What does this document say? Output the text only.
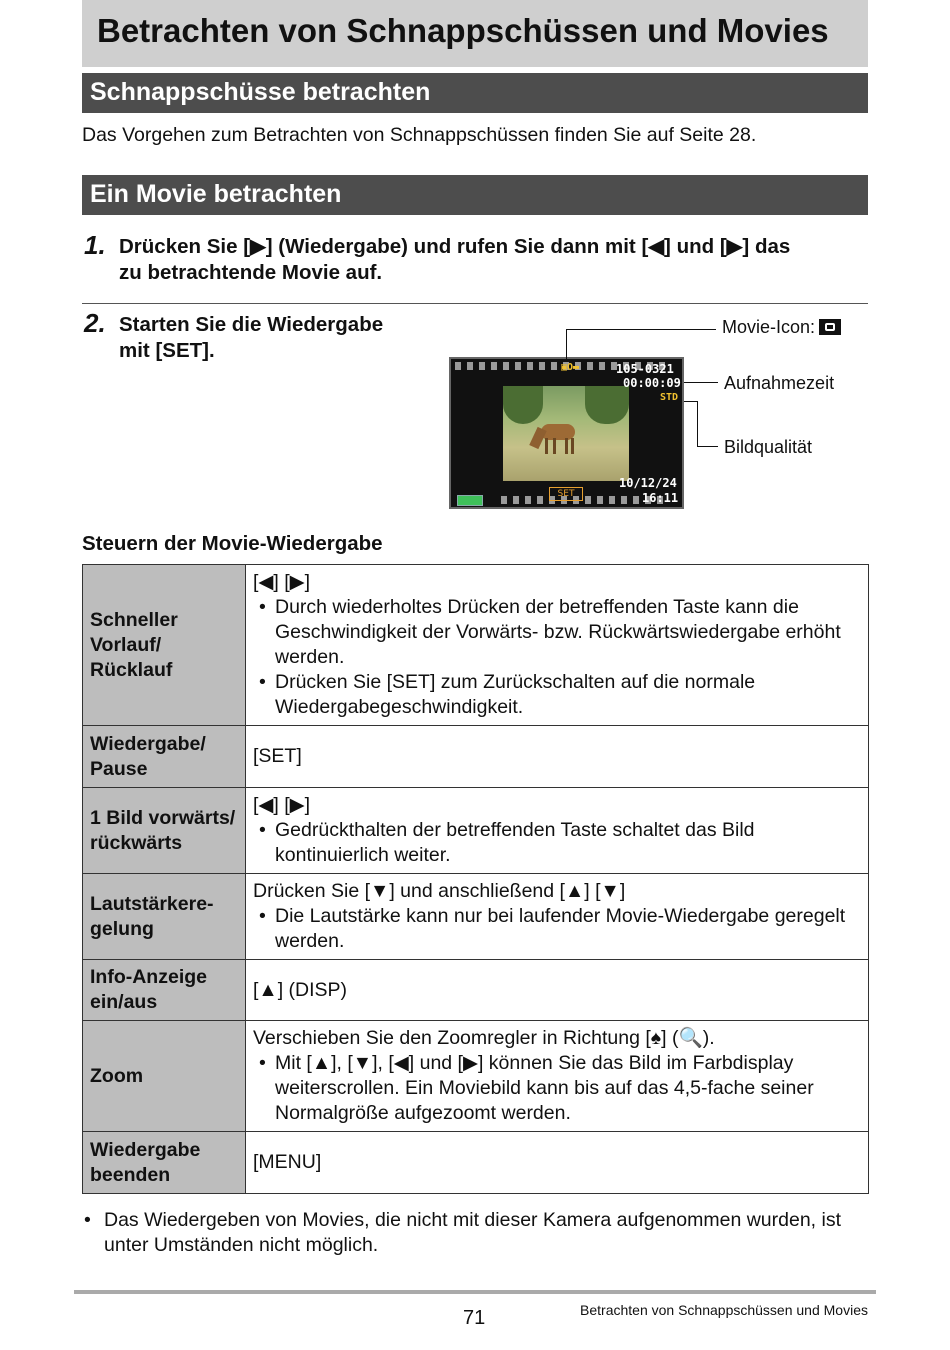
Betrachten von Schnappschüssen und Movies
Schnappschüsse betrachten
Das Vorgehen zum Betrachten von Schnappschüssen finden Sie auf Seite 28.
Ein Movie betrachten
1. Drücken Sie [▶] (Wiedergabe) und rufen Sie dann mit [◀] und [▶] das
zu betrachtende Movie auf.
2. Starten Sie die Wiedergabe
mit [SET].
▣O▬	105-0321
00:00:09
STD
10/12/24
16:11
SET
Movie-Icon:
Aufnahmezeit
Bildqualität
Steuern der Movie-Wiedergabe
Schneller Vorlauf/ Rücklauf	[◀] [▶]
• Durch wiederholtes Drücken der betreffenden Taste kann die Geschwindigkeit der Vorwärts- bzw. Rückwärtswiedergabe erhöht werden.
• Drücken Sie [SET] zum Zurückschalten auf die normale Wiedergabegeschwindigkeit.

Wiedergabe/ Pause	[SET]

1 Bild vorwärts/ rückwärts	[◀] [▶]
• Gedrückthalten der betreffenden Taste schaltet das Bild kontinuierlich weiter.

Lautstärkere-gelung	Drücken Sie [▼] und anschließend [▲] [▼]
• Die Lautstärke kann nur bei laufender Movie-Wiedergabe geregelt werden.

Info-Anzeige ein/aus	[▲] (DISP)

Zoom	Verschieben Sie den Zoomregler in Richtung [♠] (🔍).
• Mit [▲], [▼], [◀] und [▶] können Sie das Bild im Farbdisplay weiterscrollen. Ein Moviebild kann bis auf das 4,5-fache seiner Normalgröße aufgezoomt werden.

Wiedergabe beenden	[MENU]
• Das Wiedergeben von Movies, die nicht mit dieser Kamera aufgenommen wurden, ist unter Umständen nicht möglich.
71	Betrachten von Schnappschüssen und Movies
